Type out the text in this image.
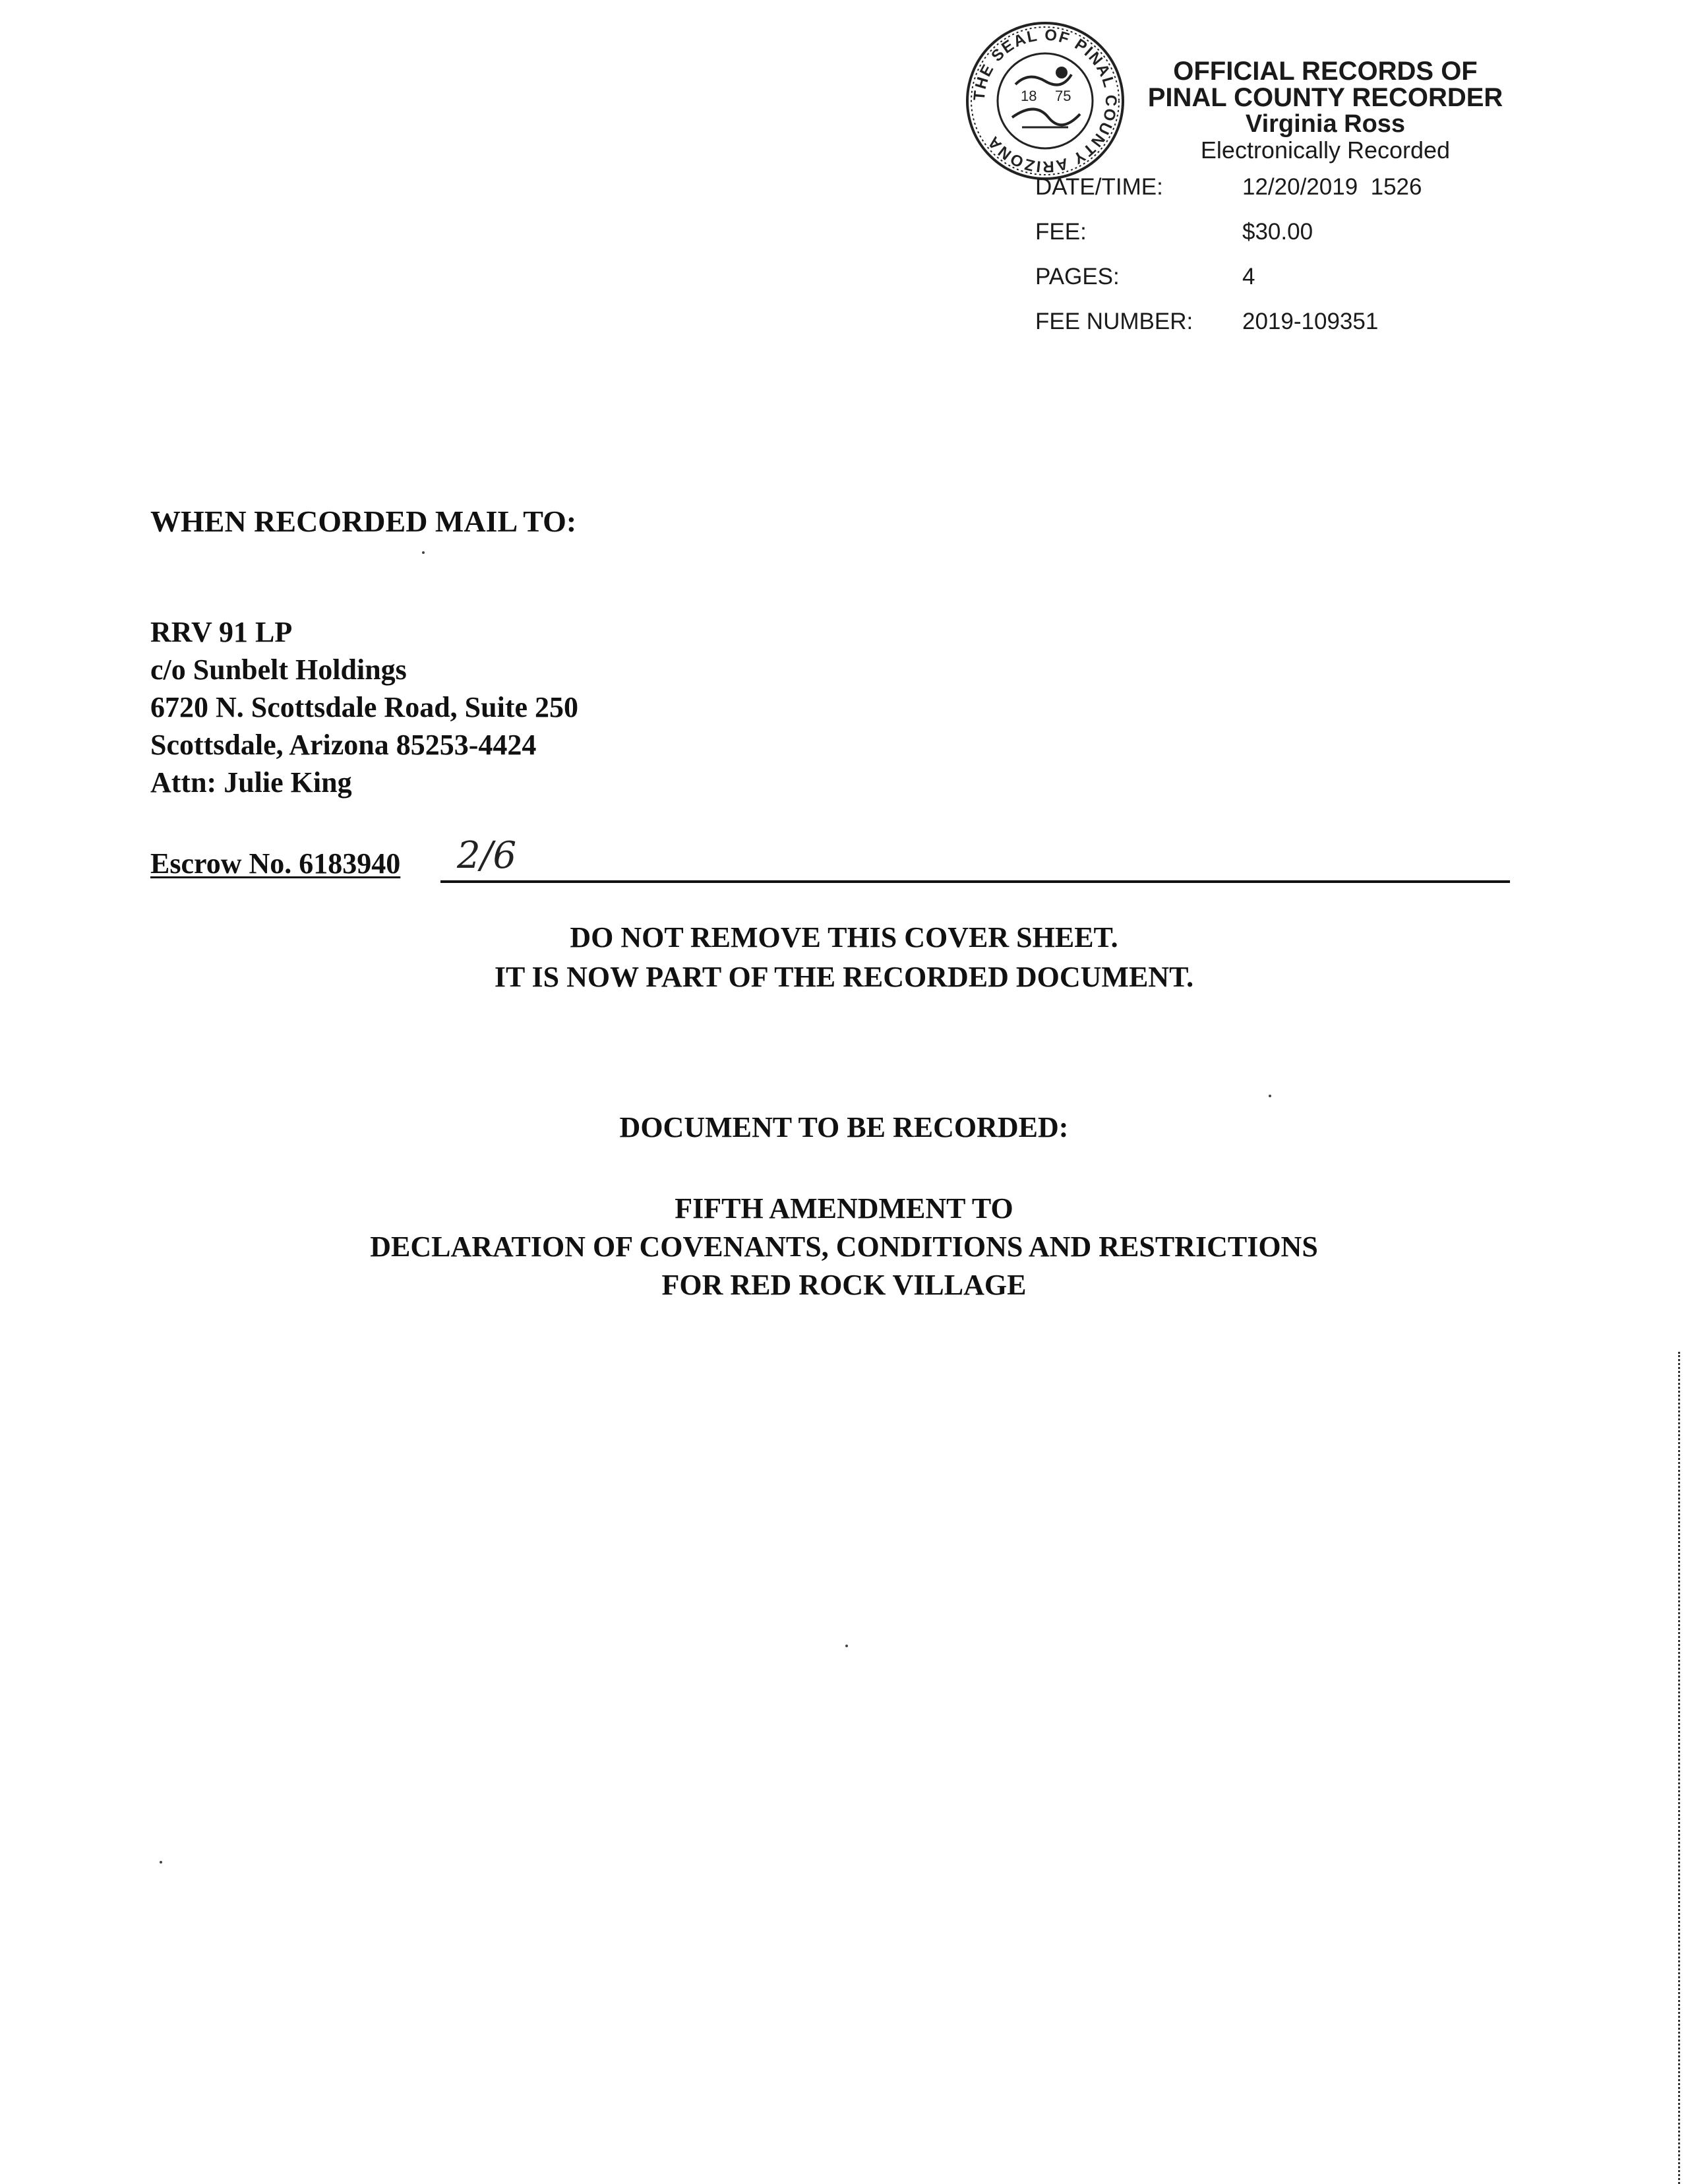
THE SEAL OF PINAL COUNTY ARIZONA
18 75
OFFICIAL RECORDS OF
PINAL COUNTY RECORDER
Virginia Ross
Electronically Recorded
DATE/TIME:	12/20/2019  1526
FEE:	$30.00
PAGES:	4
FEE NUMBER: 2019-109351
WHEN RECORDED MAIL TO:
RRV 91 LP
c/o Sunbelt Holdings
6720 N. Scottsdale Road, Suite 250
Scottsdale, Arizona 85253-4424
Attn: Julie King
Escrow No. 6183940 2/6
DO NOT REMOVE THIS COVER SHEET.
IT IS NOW PART OF THE RECORDED DOCUMENT.
DOCUMENT TO BE RECORDED:
FIFTH AMENDMENT TO
DECLARATION OF COVENANTS, CONDITIONS AND RESTRICTIONS
FOR RED ROCK VILLAGE
